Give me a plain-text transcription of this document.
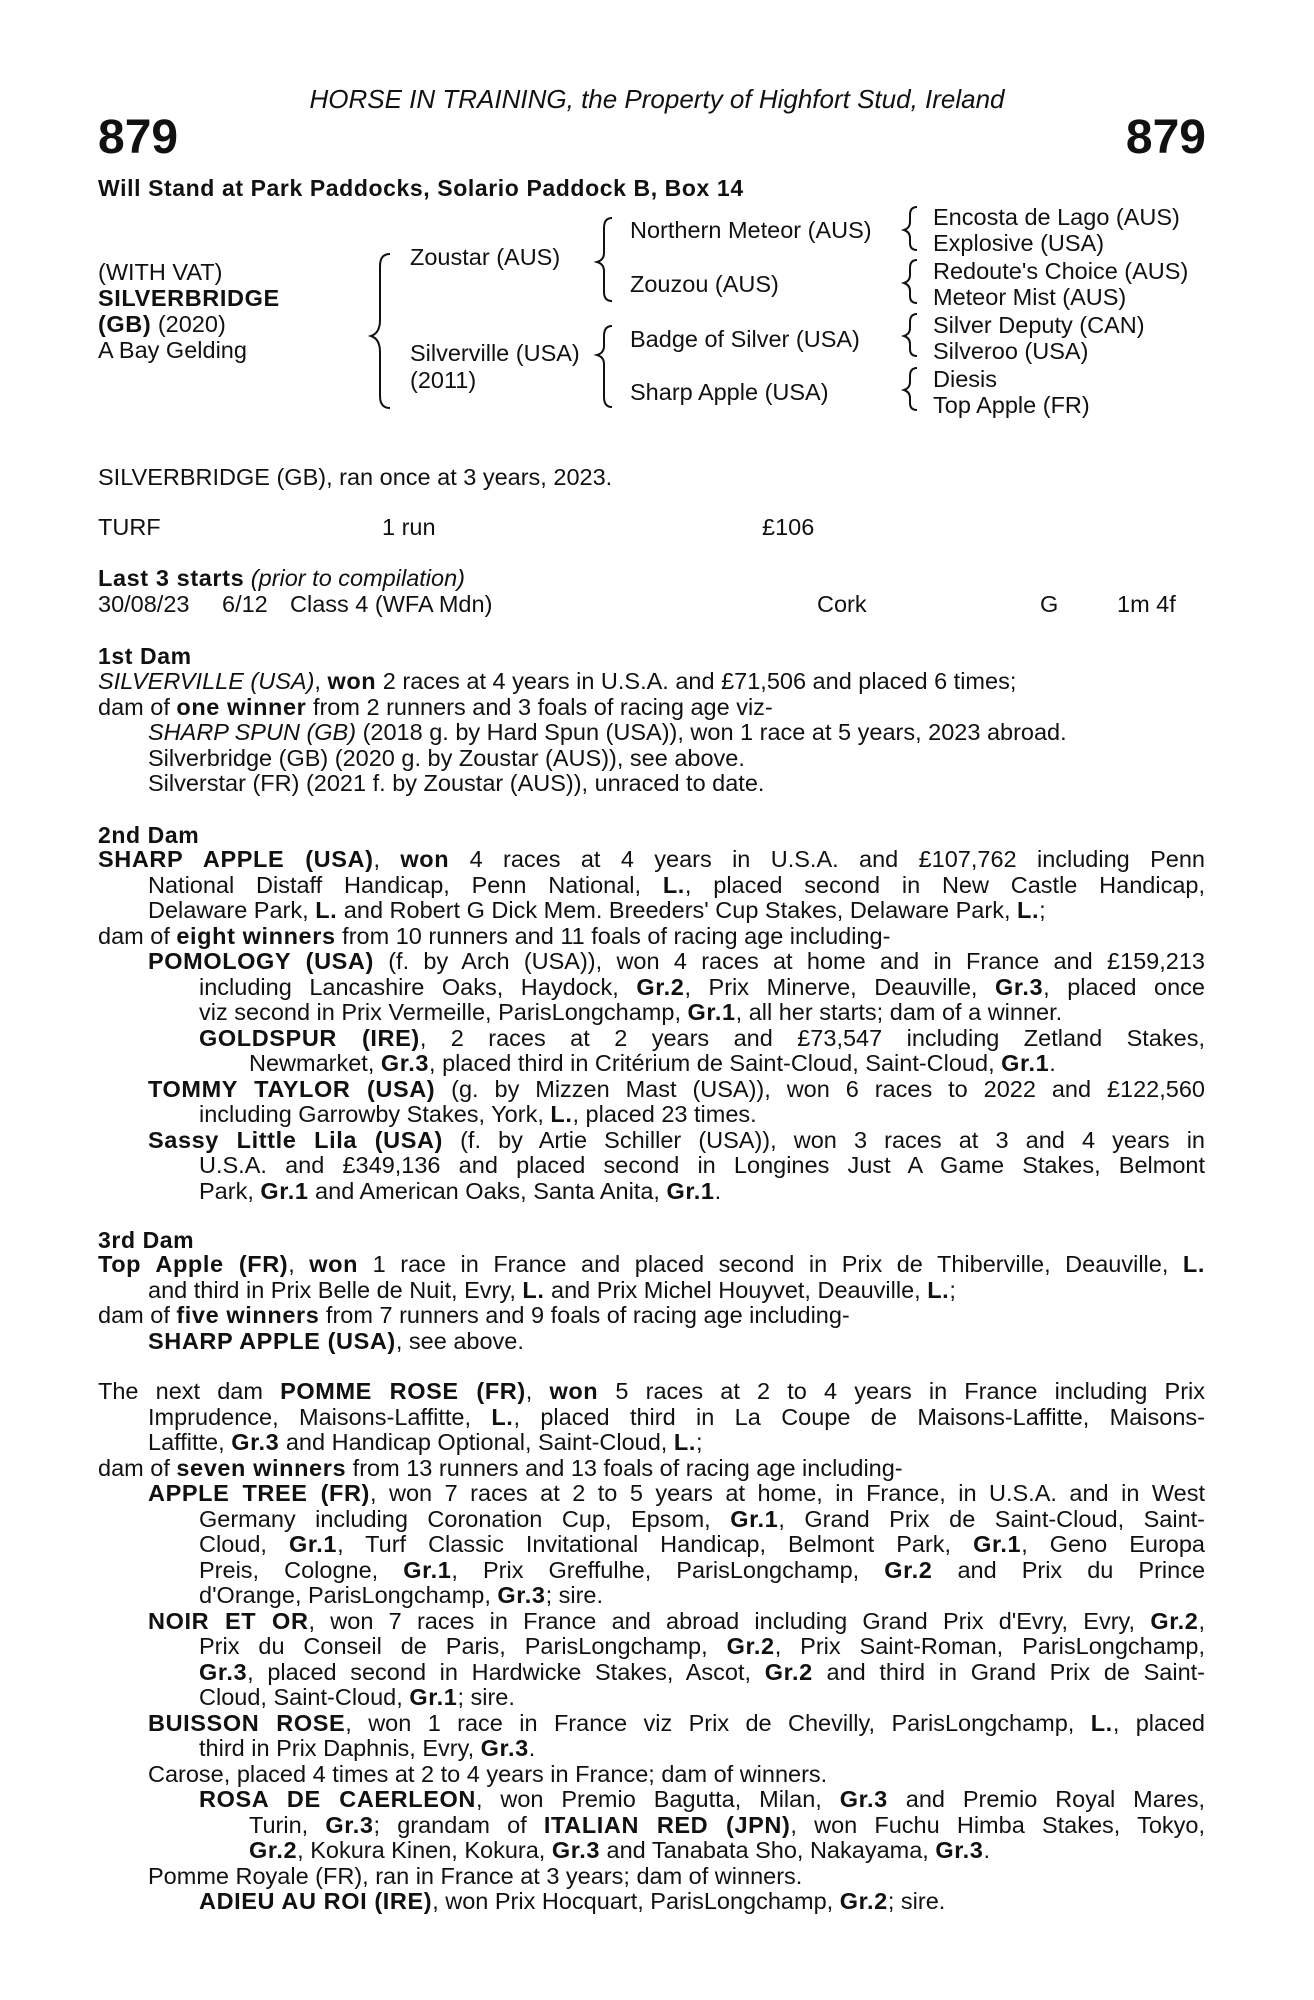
HORSE IN TRAINING, the Property of Highfort Stud, Ireland
879	879
Will Stand at Park Paddocks, Solario Paddock B, Box 14
(WITH VAT)
SILVERBRIDGE
(GB) (2020)
A Bay Gelding
Zoustar (AUS)
Silverville (USA)
(2011)
Northern Meteor (AUS)
Zouzou (AUS)
Badge of Silver (USA)
Sharp Apple (USA)
Encosta de Lago (AUS)
Explosive (USA)
Redoute's Choice (AUS)
Meteor Mist (AUS)
Silver Deputy (CAN)
Silveroo (USA)
Diesis
Top Apple (FR)
SILVERBRIDGE (GB), ran once at 3 years, 2023.
TURF	1 run	£106
Last 3 starts (prior to compilation)
30/08/23 6/12 Class 4 (WFA Mdn)	Cork	G 1m 4f
1st Dam
SILVERVILLE (USA), won 2 races at 4 years in U.S.A. and £71,506 and placed 6 times;
dam of one winner from 2 runners and 3 foals of racing age viz-
SHARP SPUN (GB) (2018 g. by Hard Spun (USA)), won 1 race at 5 years, 2023 abroad.
Silverbridge (GB) (2020 g. by Zoustar (AUS)), see above.
Silverstar (FR) (2021 f. by Zoustar (AUS)), unraced to date.
2nd Dam
SHARP APPLE (USA), won 4 races at 4 years in U.S.A. and £107,762 including Penn
National Distaff Handicap, Penn National, L., placed second in New Castle Handicap,
Delaware Park, L. and Robert G Dick Mem. Breeders' Cup Stakes, Delaware Park, L.;
dam of eight winners from 10 runners and 11 foals of racing age including-
POMOLOGY (USA) (f. by Arch (USA)), won 4 races at home and in France and £159,213
including Lancashire Oaks, Haydock, Gr.2, Prix Minerve, Deauville, Gr.3, placed once
viz second in Prix Vermeille, ParisLongchamp, Gr.1, all her starts; dam of a winner.
GOLDSPUR (IRE), 2 races at 2 years and £73,547 including Zetland Stakes,
Newmarket, Gr.3, placed third in Critérium de Saint-Cloud, Saint-Cloud, Gr.1.
TOMMY TAYLOR (USA) (g. by Mizzen Mast (USA)), won 6 races to 2022 and £122,560
including Garrowby Stakes, York, L., placed 23 times.
Sassy Little Lila (USA) (f. by Artie Schiller (USA)), won 3 races at 3 and 4 years in
U.S.A. and £349,136 and placed second in Longines Just A Game Stakes, Belmont
Park, Gr.1 and American Oaks, Santa Anita, Gr.1.
3rd Dam
Top Apple (FR), won 1 race in France and placed second in Prix de Thiberville, Deauville, L.
and third in Prix Belle de Nuit, Evry, L. and Prix Michel Houyvet, Deauville, L.;
dam of five winners from 7 runners and 9 foals of racing age including-
SHARP APPLE (USA), see above.
The next dam POMME ROSE (FR), won 5 races at 2 to 4 years in France including Prix
Imprudence, Maisons-Laffitte, L., placed third in La Coupe de Maisons-Laffitte, Maisons-
Laffitte, Gr.3 and Handicap Optional, Saint-Cloud, L.;
dam of seven winners from 13 runners and 13 foals of racing age including-
APPLE TREE (FR), won 7 races at 2 to 5 years at home, in France, in U.S.A. and in West
Germany including Coronation Cup, Epsom, Gr.1, Grand Prix de Saint-Cloud, Saint-
Cloud, Gr.1, Turf Classic Invitational Handicap, Belmont Park, Gr.1, Geno Europa
Preis, Cologne, Gr.1, Prix Greffulhe, ParisLongchamp, Gr.2 and Prix du Prince
d'Orange, ParisLongchamp, Gr.3; sire.
NOIR ET OR, won 7 races in France and abroad including Grand Prix d'Evry, Evry, Gr.2,
Prix du Conseil de Paris, ParisLongchamp, Gr.2, Prix Saint-Roman, ParisLongchamp,
Gr.3, placed second in Hardwicke Stakes, Ascot, Gr.2 and third in Grand Prix de Saint-
Cloud, Saint-Cloud, Gr.1; sire.
BUISSON ROSE, won 1 race in France viz Prix de Chevilly, ParisLongchamp, L., placed
third in Prix Daphnis, Evry, Gr.3.
Carose, placed 4 times at 2 to 4 years in France; dam of winners.
ROSA DE CAERLEON, won Premio Bagutta, Milan, Gr.3 and Premio Royal Mares,
Turin, Gr.3; grandam of ITALIAN RED (JPN), won Fuchu Himba Stakes, Tokyo,
Gr.2, Kokura Kinen, Kokura, Gr.3 and Tanabata Sho, Nakayama, Gr.3.
Pomme Royale (FR), ran in France at 3 years; dam of winners.
ADIEU AU ROI (IRE), won Prix Hocquart, ParisLongchamp, Gr.2; sire.
